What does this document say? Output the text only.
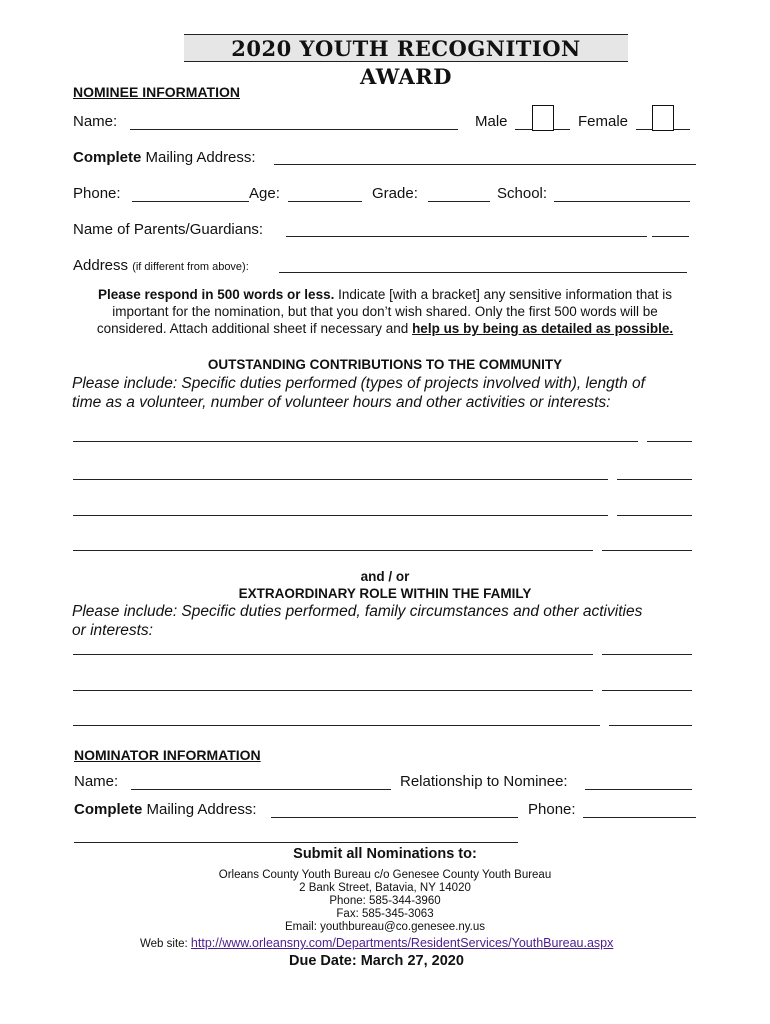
2020 YOUTH RECOGNITION AWARD
NOMINEE INFORMATION
Name:	Male	Female
Complete Mailing Address:
Phone:	Age:	Grade:	School:
Name of Parents/Guardians:
Address (if different from above):
Please respond in 500 words or less. Indicate [with a bracket] any sensitive information that is
important for the nomination, but that you don’t wish shared. Only the first 500 words will be
considered. Attach additional sheet if necessary and help us by being as detailed as possible.
OUTSTANDING CONTRIBUTIONS TO THE COMMUNITY
Please include: Specific duties performed (types of projects involved with), length of
time as a volunteer, number of volunteer hours and other activities or interests:
and / or
EXTRAORDINARY ROLE WITHIN THE FAMILY
Please include: Specific duties performed, family circumstances and other activities
or interests:
NOMINATOR INFORMATION
Name:	Relationship to Nominee:
Complete Mailing Address:	Phone:
Submit all Nominations to:
Orleans County Youth Bureau c/o Genesee County Youth Bureau
2 Bank Street, Batavia, NY 14020
Phone: 585-344-3960
Fax: 585-345-3063
Email: youthbureau@co.genesee.ny.us
Web site: http://www.orleansny.com/Departments/ResidentServices/YouthBureau.aspx
Due Date: March 27, 2020
